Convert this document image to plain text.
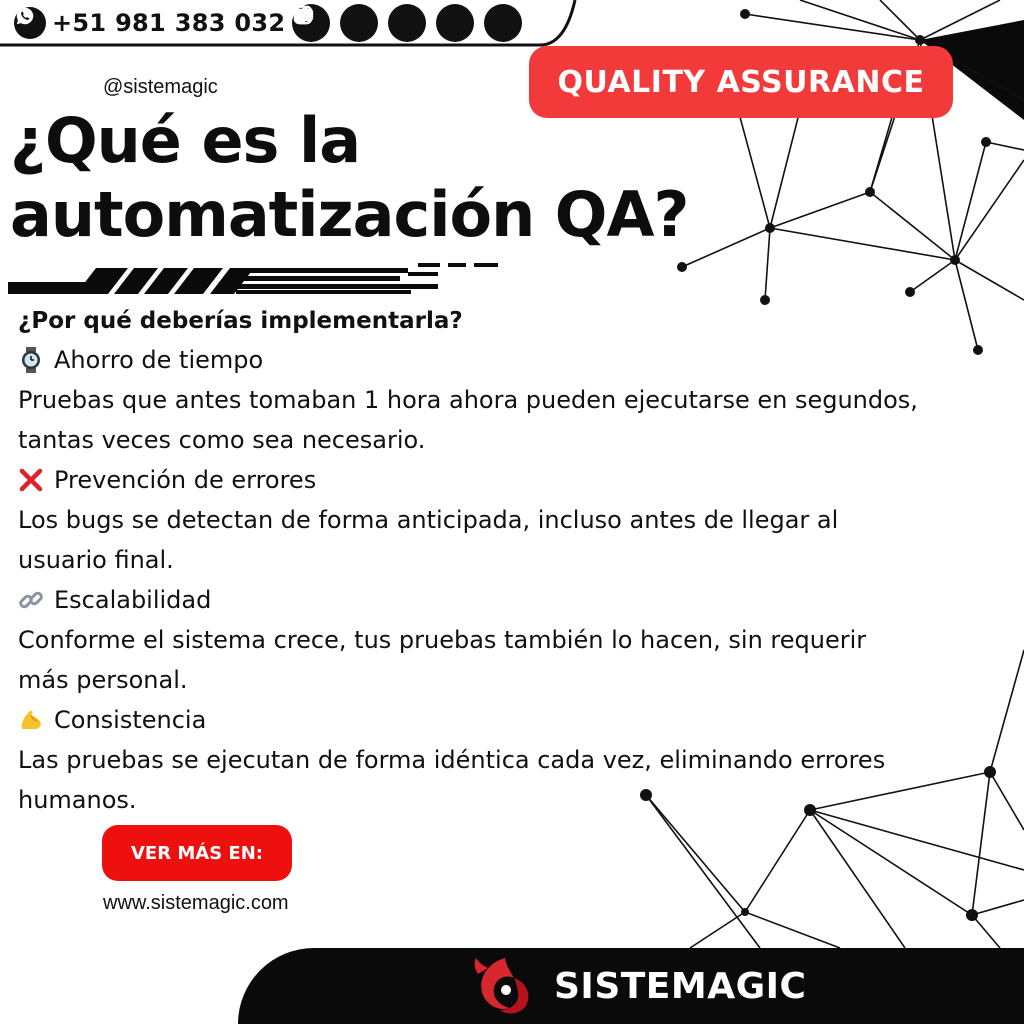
+51 981 383 032
QUALITY ASSURANCE
@sistemagic
¿Qué es la
automatización QA?

¿Por qué deberías implementarla?

Ahorro de tiempo

Pruebas que antes tomaban 1 hora ahora pueden ejecutarse en segundos,

tantas veces como sea necesario.

Prevención de errores

Los bugs se detectan de forma anticipada, incluso antes de llegar al

usuario final.

Escalabilidad

Conforme el sistema crece, tus pruebas también lo hacen, sin requerir

más personal.

Consistencia

Las pruebas se ejecutan de forma idéntica cada vez, eliminando errores

humanos.

VER MÁS EN:
www.sistemagic.com
SISTEMAGIC
